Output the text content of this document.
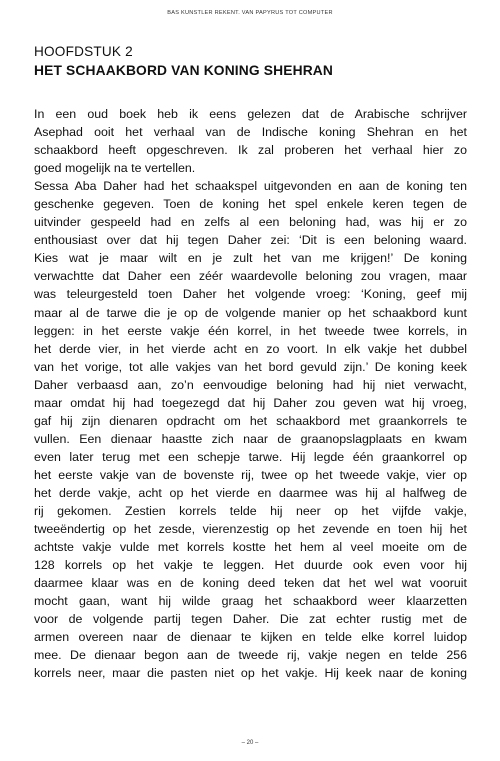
BAS KUNSTLER REKENT. VAN PAPYRUS TOT COMPUTER
HOOFDSTUK 2
HET SCHAAKBORD VAN KONING SHEHRAN
In een oud boek heb ik eens gelezen dat de Arabische schrijver
Asephad ooit het verhaal van de Indische koning Shehran en het
schaakbord heeft opgeschreven. Ik zal proberen het verhaal hier zo
goed mogelijk na te vertellen.
Sessa Aba Daher had het schaakspel uitgevonden en aan de koning ten
geschenke gegeven. Toen de koning het spel enkele keren tegen de
uitvinder gespeeld had en zelfs al een beloning had, was hij er zo
enthousiast over dat hij tegen Daher zei: ‘Dit is een beloning waard.
Kies wat je maar wilt en je zult het van me krijgen!’ De koning
verwachtte dat Daher een zéér waardevolle beloning zou vragen, maar
was teleurgesteld toen Daher het volgende vroeg: ‘Koning, geef mij
maar al de tarwe die je op de volgende manier op het schaakbord kunt
leggen: in het eerste vakje één korrel, in het tweede twee korrels, in
het derde vier, in het vierde acht en zo voort. In elk vakje het dubbel
van het vorige, tot alle vakjes van het bord gevuld zijn.’ De koning keek
Daher verbaasd aan, zo’n eenvoudige beloning had hij niet verwacht,
maar omdat hij had toegezegd dat hij Daher zou geven wat hij vroeg,
gaf hij zijn dienaren opdracht om het schaakbord met graankorrels te
vullen. Een dienaar haastte zich naar de graanopslagplaats en kwam
even later terug met een schepje tarwe. Hij legde één graankorrel op
het eerste vakje van de bovenste rij, twee op het tweede vakje, vier op
het derde vakje, acht op het vierde en daarmee was hij al halfweg de
rij gekomen. Zestien korrels telde hij neer op het vijfde vakje,
tweeëndertig op het zesde, vierenzestig op het zevende en toen hij het
achtste vakje vulde met korrels kostte het hem al veel moeite om de
128 korrels op het vakje te leggen. Het duurde ook even voor hij
daarmee klaar was en de koning deed teken dat het wel wat vooruit
mocht gaan, want hij wilde graag het schaakbord weer klaarzetten
voor de volgende partij tegen Daher. Die zat echter rustig met de
armen overeen naar de dienaar te kijken en telde elke korrel luidop
mee. De dienaar begon aan de tweede rij, vakje negen en telde 256
korrels neer, maar die pasten niet op het vakje. Hij keek naar de koning
– 20 –
